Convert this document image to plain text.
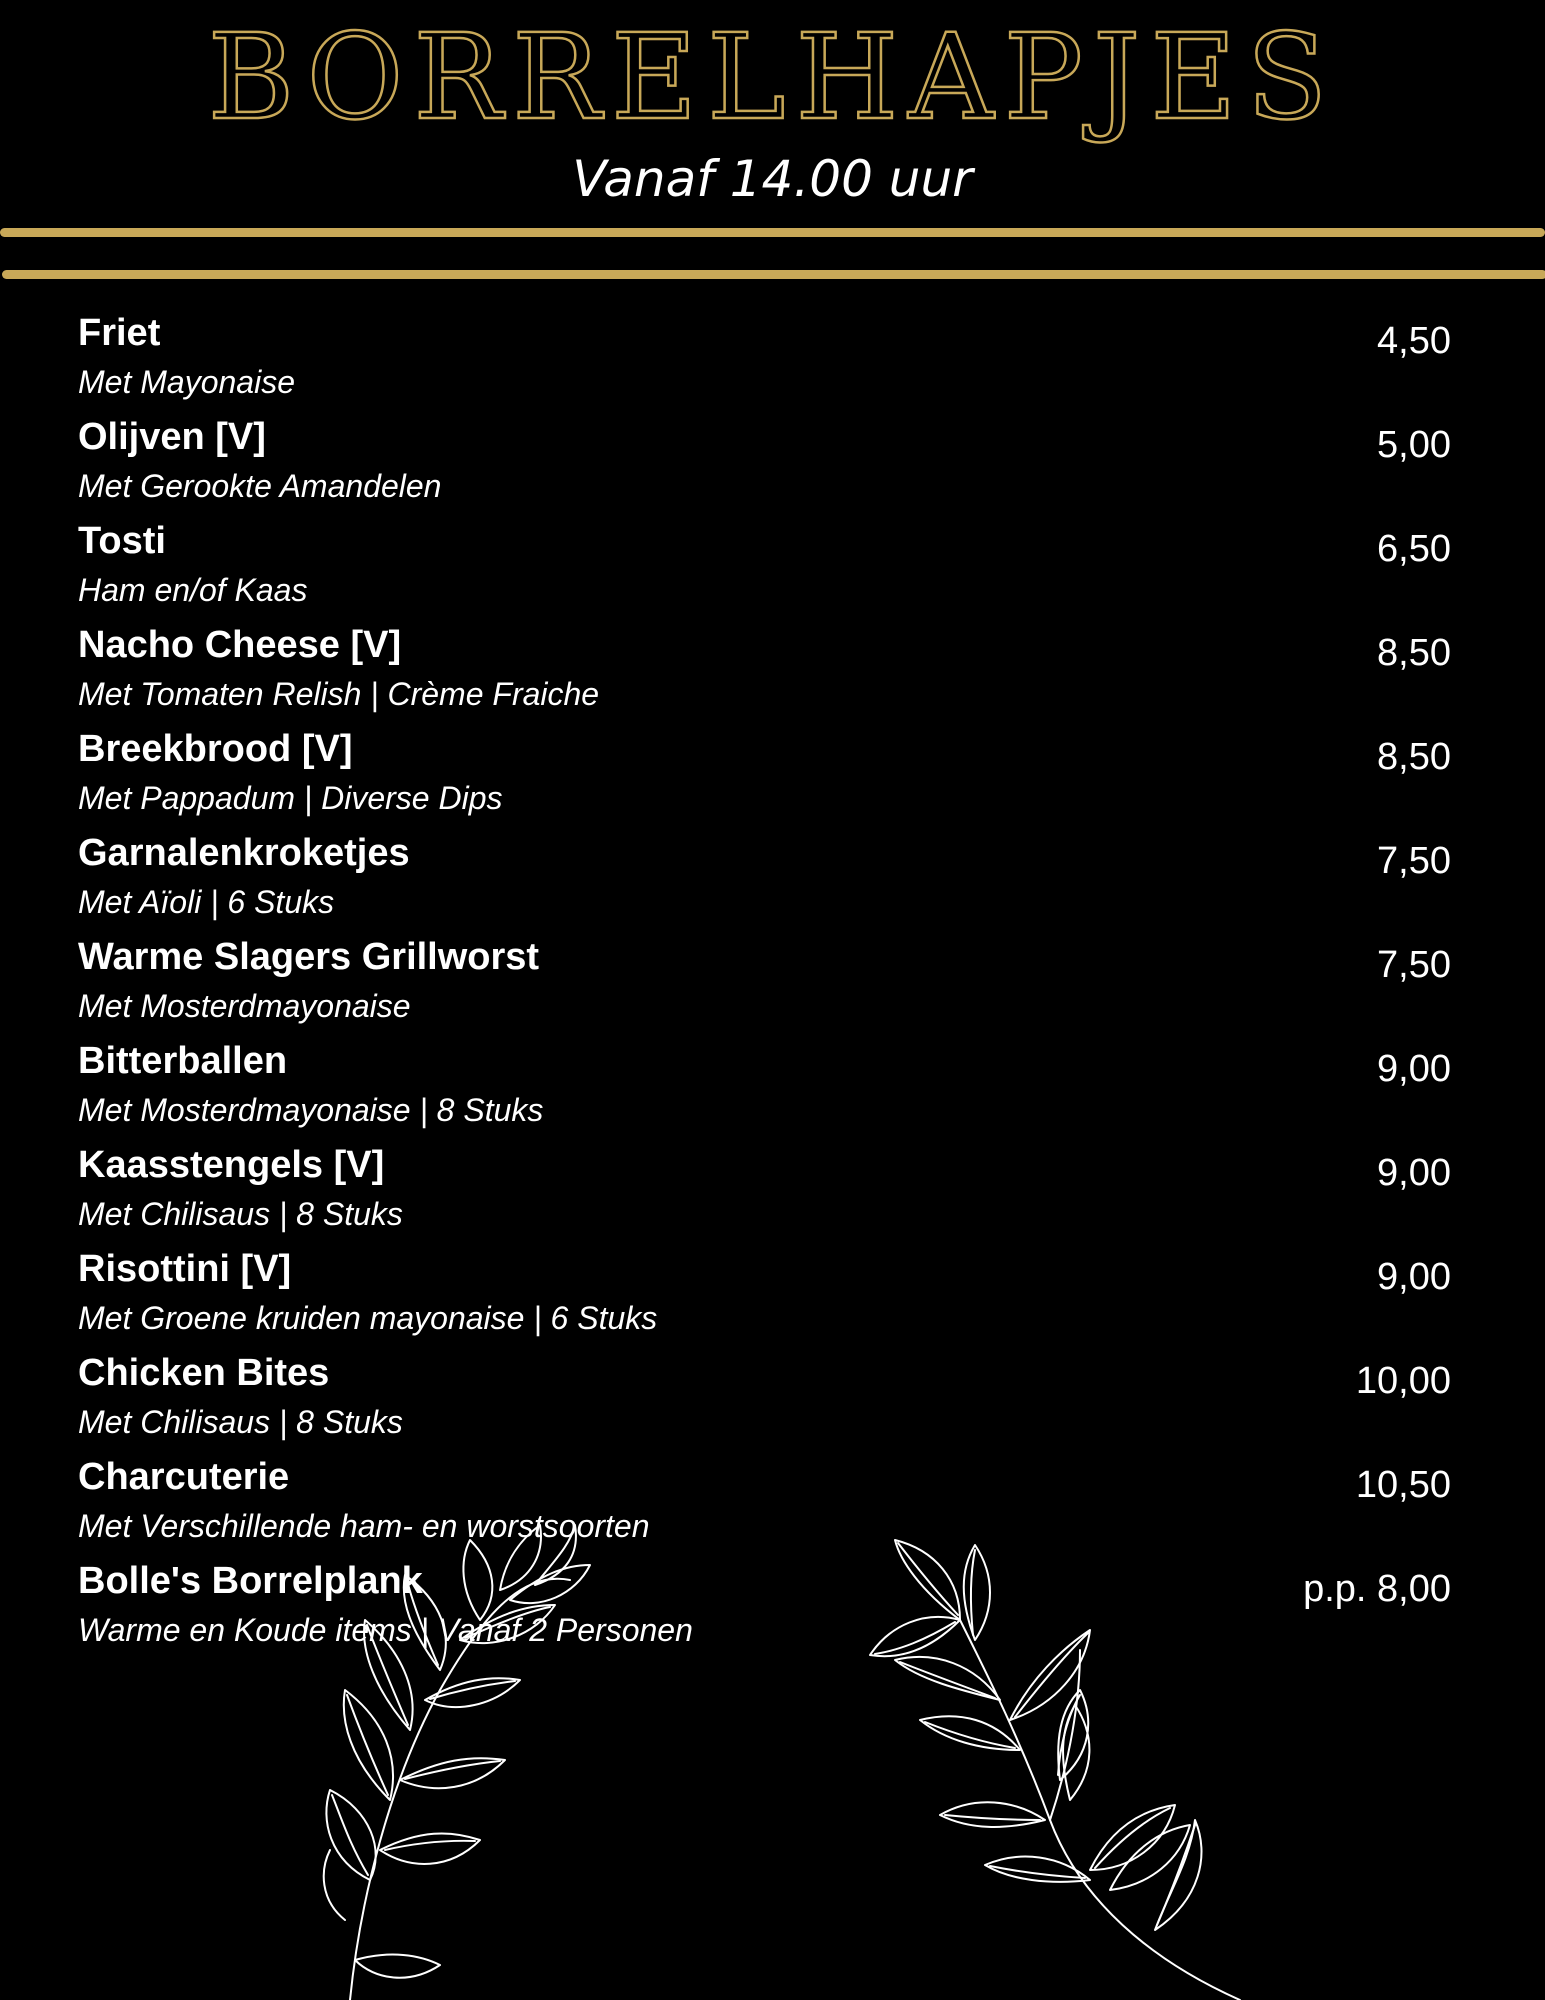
BORRELHAPJES
Vanaf 14.00 uur
Friet
Met Mayonaise
4,50
Olijven [V]
Met Gerookte Amandelen
5,00
Tosti
Ham en/of Kaas
6,50
Nacho Cheese [V]
Met Tomaten Relish | Crème Fraiche
8,50
Breekbrood [V]
Met Pappadum | Diverse Dips
8,50
Garnalenkroketjes
Met Aïoli | 6 Stuks
7,50
Warme Slagers Grillworst
Met Mosterdmayonaise
7,50
Bitterballen
Met Mosterdmayonaise | 8 Stuks
9,00
Kaasstengels [V]
Met Chilisaus | 8 Stuks
9,00
Risottini [V]
Met Groene kruiden mayonaise | 6 Stuks
9,00
Chicken Bites
Met Chilisaus | 8 Stuks
10,00
Charcuterie
Met Verschillende ham- en worstsoorten
10,50
Bolle's Borrelplank
Warme en Koude items | Vanaf 2 Personen
p.p. 8,00
